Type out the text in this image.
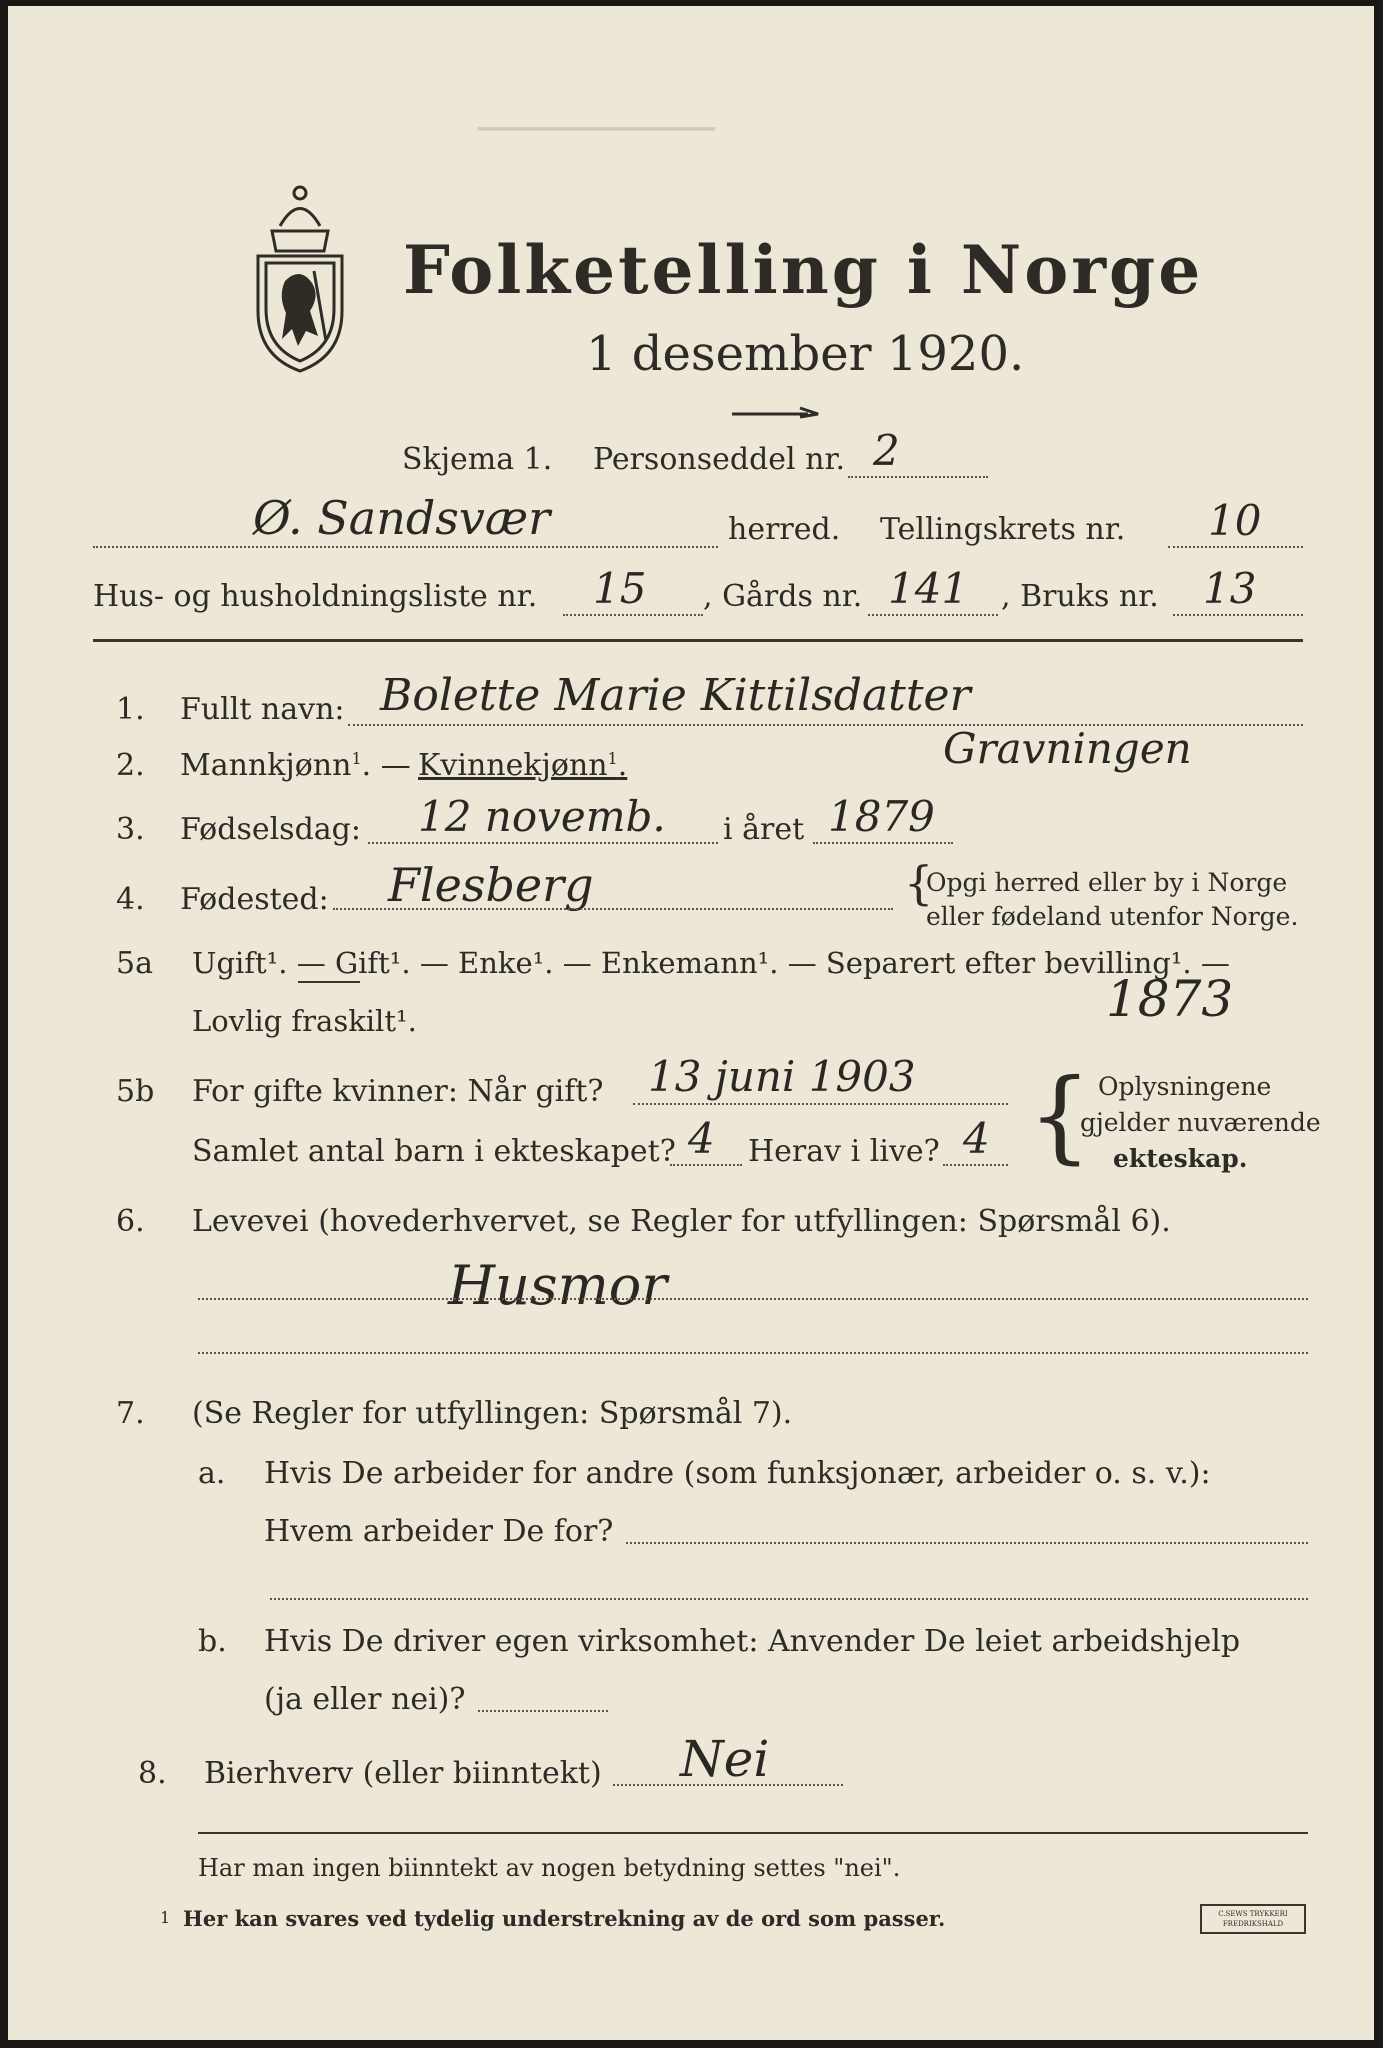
▁▁▁▁▁▁▁▁▁▁▁▁▁▁
Folketelling i Norge
1 desember 1920.
Skjema 1. Personseddel nr. 2
Ø. Sandsvær	herred. Tellingskrets nr. 10
Hus- og husholdningsliste nr. 15 , Gårds nr. 141 , Bruks nr. 13
1. Fullt navn: Bolette Marie Kittilsdatter
Gravningen
2. Mannkjønn$^1$. — Kvinnekjønn$^1$.
3. Fødselsdag: 12 novemb. i året 1879
4. Fødested: Flesberg	{
Opgi herred eller by i Norge
eller fødeland utenfor Norge.
5a Ugift¹. — Gift¹. — Enke¹. — Enkemann¹. — Separert efter bevilling¹. —
Lovlig fraskilt¹.	1873
5b For gifte kvinner: Når gift? 13 juni 1903
Samlet antal barn i ekteskapet? 4 Herav i live? 4 { Oplysningene
gjelder nuværende
ekteskap.
6. Levevei (hovederhvervet, se Regler for utfyllingen: Spørsmål 6).
Husmor
7. (Se Regler for utfyllingen: Spørsmål 7).
a. Hvis De arbeider for andre (som funksjonær, arbeider o. s. v.):
Hvem arbeider De for?
b. Hvis De driver egen virksomhet: Anvender De leiet arbeidshjelp
(ja eller nei)?
8. Bierhverv (eller biinntekt) Nei
Har man ingen biinntekt av nogen betydning settes "nei".
1 Her kan svares ved tydelig understrekning av de ord som passer.	C.SEWS TRYKKERI FREDRIKSHALD
